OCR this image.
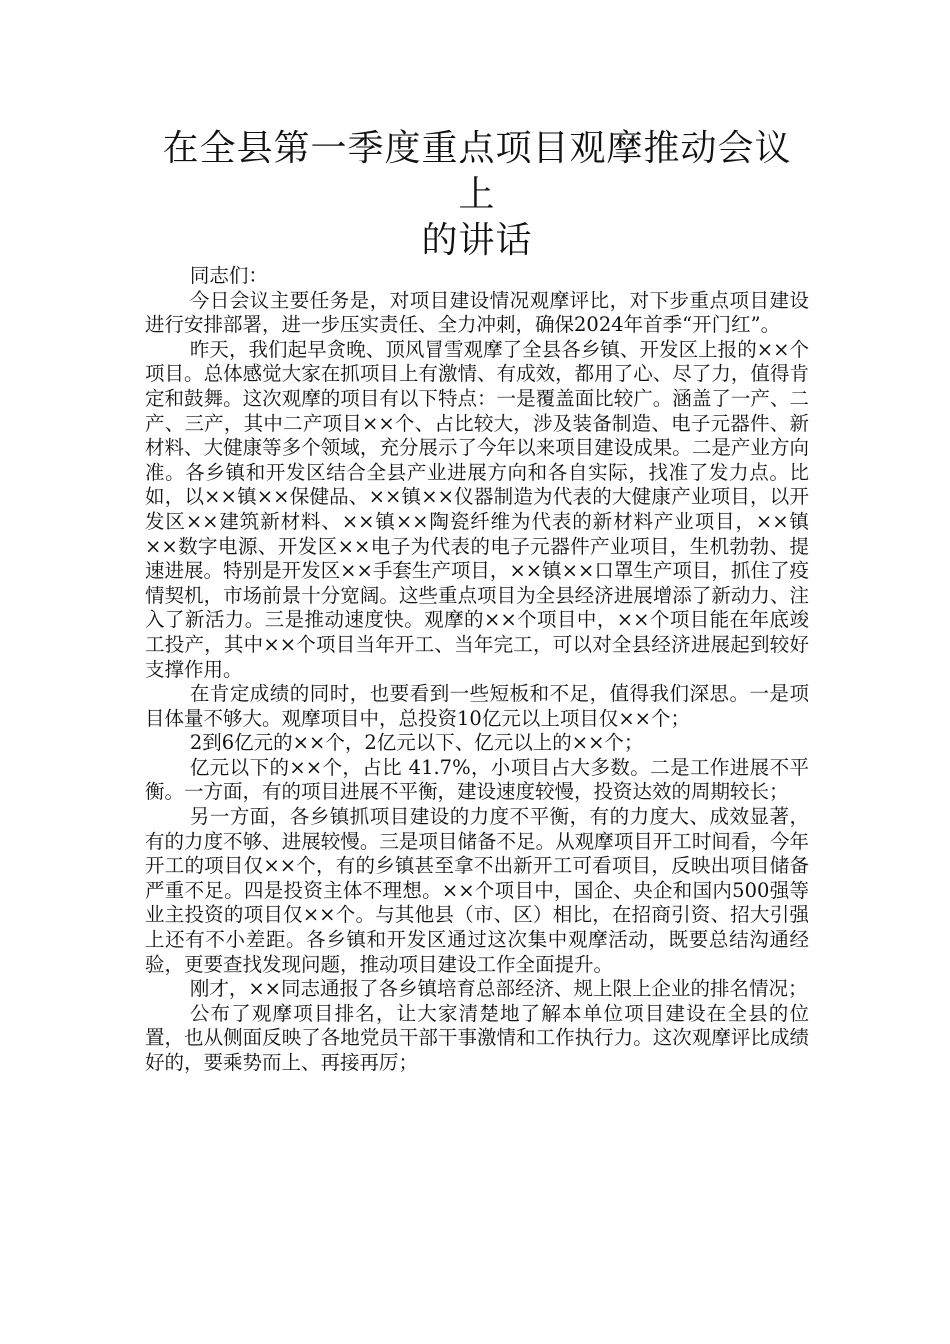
在全县第一季度重点项目观摩推动会议上
的讲话

同志们：

今日会议主要任务是，对项目建设情况观摩评比，对下步重点项目建设进行安排部署，进一步压实责任、全力冲刺，确保2024年首季“开门红”。

昨天，我们起早贪晚、顶风冒雪观摩了全县各乡镇、开发区上报的××个项目。总体感觉大家在抓项目上有激情、有成效，都用了心、尽了力，值得肯定和鼓舞。这次观摩的项目有以下特点：一是覆盖面比较广。涵盖了一产、二产、三产，其中二产项目××个、占比较大，涉及装备制造、电子元器件、新材料、大健康等多个领域，充分展示了今年以来项目建设成果。二是产业方向准。各乡镇和开发区结合全县产业进展方向和各自实际，找准了发力点。比如，以××镇××保健品、××镇××仪器制造为代表的大健康产业项目，以开发区××建筑新材料、××镇××陶瓷纤维为代表的新材料产业项目，××镇××数字电源、开发区××电子为代表的电子元器件产业项目，生机勃勃、提速进展。特别是开发区××手套生产项目，××镇××口罩生产项目，抓住了疫情契机，市场前景十分宽阔。这些重点项目为全县经济进展增添了新动力、注入了新活力。三是推动速度快。观摩的××个项目中，××个项目能在年底竣工投产，其中××个项目当年开工、当年完工，可以对全县经济进展起到较好支撑作用。

在肯定成绩的同时，也要看到一些短板和不足，值得我们深思。一是项目体量不够大。观摩项目中，总投资10亿元以上项目仅××个；

2到6亿元的××个，2亿元以下、亿元以上的××个；

亿元以下的××个，占比 41.7%，小项目占大多数。二是工作进展不平衡。一方面，有的项目进展不平衡，建设速度较慢，投资达效的周期较长；

另一方面，各乡镇抓项目建设的力度不平衡，有的力度大、成效显著，有的力度不够、进展较慢。三是项目储备不足。从观摩项目开工时间看，今年开工的项目仅××个，有的乡镇甚至拿不出新开工可看项目，反映出项目储备严重不足。四是投资主体不理想。××个项目中，国企、央企和国内500强等业主投资的项目仅××个。与其他县（市、区）相比，在招商引资、招大引强上还有不小差距。各乡镇和开发区通过这次集中观摩活动，既要总结沟通经验，更要查找发现问题，推动项目建设工作全面提升。

刚才，××同志通报了各乡镇培育总部经济、规上限上企业的排名情况；

公布了观摩项目排名，让大家清楚地了解本单位项目建设在全县的位置，也从侧面反映了各地党员干部干事激情和工作执行力。这次观摩评比成绩好的，要乘势而上、再接再厉；
